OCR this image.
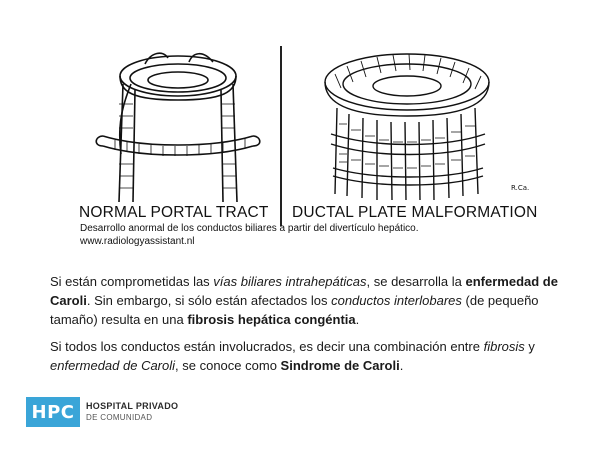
R.Ca.
NORMAL PORTAL TRACT DUCTAL PLATE MALFORMATION
Desarrollo anormal de los conductos biliares a partir del divertículo hepático.
www.radiologyassistant.nl

Si están comprometidas las vías biliares intrahepáticas, se desarrolla la enfermedad de Caroli. Sin embargo, si sólo están afectados los conductos interlobares (de pequeño tamaño) resulta en una fibrosis hepática congéntia.

Si todos los conductos están involucrados, es decir una combinación entre fibrosis y enfermedad de Caroli, se conoce como Sindrome de Caroli.

HPC	HOSPITAL PRIVADO
DE COMUNIDAD
